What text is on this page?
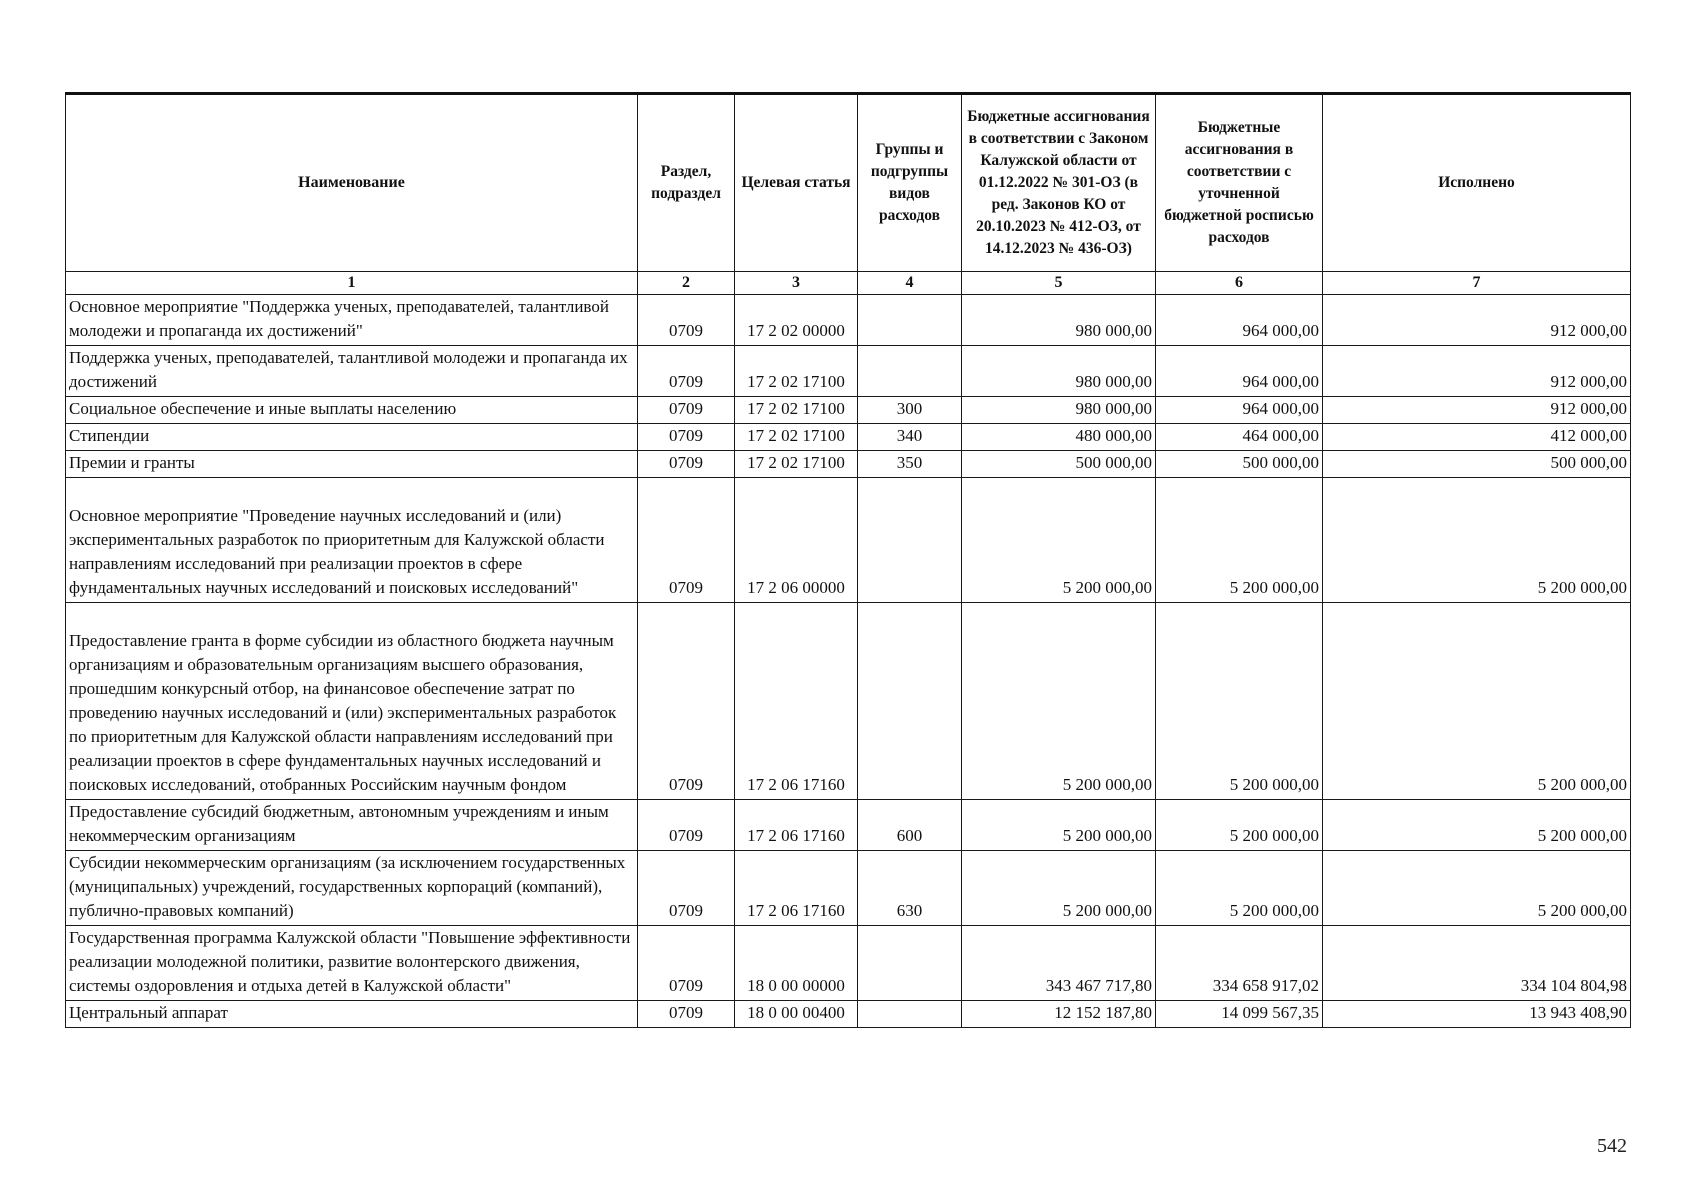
Наименование	Раздел, подраздел	Целевая статья	Группы и подгруппы видов расходов	Бюджетные ассигнования в соответствии с Законом Калужской области от 01.12.2022 № 301-ОЗ (в ред. Законов КО от 20.10.2023 № 412-ОЗ, от 14.12.2023 № 436-ОЗ)	Бюджетные ассигнования в соответствии с уточненной бюджетной росписью расходов	Исполнено
1	2	3	4	5	6	7
Основное мероприятие "Поддержка ученых, преподавателей, талантливой молодежи и пропаганда их достижений"	0709	17 2 02 00000		980 000,00	964 000,00	912 000,00
Поддержка ученых, преподавателей, талантливой молодежи и пропаганда их достижений	0709	17 2 02 17100		980 000,00	964 000,00	912 000,00
Социальное обеспечение и иные выплаты населению	0709	17 2 02 17100	300	980 000,00	964 000,00	912 000,00
Стипендии	0709	17 2 02 17100	340	480 000,00	464 000,00	412 000,00
Премии и гранты	0709	17 2 02 17100	350	500 000,00	500 000,00	500 000,00
Основное мероприятие "Проведение научных исследований и (или) экспериментальных разработок по приоритетным для Калужской области направлениям исследований при реализации проектов в сфере фундаментальных научных исследований и поисковых исследований"	0709	17 2 06 00000		5 200 000,00	5 200 000,00	5 200 000,00
Предоставление гранта в форме субсидии из областного бюджета научным организациям и образовательным организациям высшего образования, прошедшим конкурсный отбор, на финансовое обеспечение затрат по проведению научных исследований и (или) экспериментальных разработок по приоритетным для Калужской области направлениям исследований при реализации проектов в сфере фундаментальных научных исследований и поисковых исследований, отобранных Российским научным фондом	0709	17 2 06 17160		5 200 000,00	5 200 000,00	5 200 000,00
Предоставление субсидий бюджетным, автономным учреждениям и иным некоммерческим организациям	0709	17 2 06 17160	600	5 200 000,00	5 200 000,00	5 200 000,00
Субсидии некоммерческим организациям (за исключением государственных (муниципальных) учреждений, государственных корпораций (компаний), публично-правовых компаний)	0709	17 2 06 17160	630	5 200 000,00	5 200 000,00	5 200 000,00
Государственная программа Калужской области "Повышение эффективности реализации молодежной политики, развитие волонтерского движения, системы оздоровления и отдыха детей в Калужской области"	0709	18 0 00 00000		343 467 717,80	334 658 917,02	334 104 804,98
Центральный аппарат	0709	18 0 00 00400		12 152 187,80	14 099 567,35	13 943 408,90
542
